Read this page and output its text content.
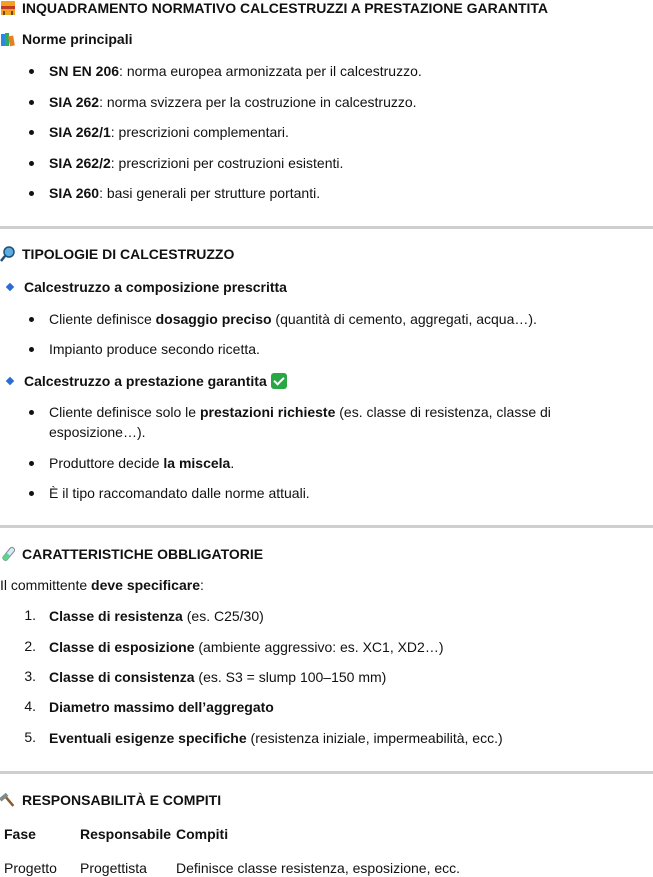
INQUADRAMENTO NORMATIVO CALCESTRUZZI A PRESTAZIONE GARANTITA
Norme principali
SN EN 206: norma europea armonizzata per il calcestruzzo.
SIA 262: norma svizzera per la costruzione in calcestruzzo.
SIA 262/1: prescrizioni complementari.
SIA 262/2: prescrizioni per costruzioni esistenti.
SIA 260: basi generali per strutture portanti.
TIPOLOGIE DI CALCESTRUZZO
Calcestruzzo a composizione prescritta
Cliente definisce dosaggio preciso (quantità di cemento, aggregati, acqua…).
Impianto produce secondo ricetta.
Calcestruzzo a prestazione garantita
Cliente definisce solo le prestazioni richieste (es. classe di resistenza, classe di
esposizione…).
Produttore decide la miscela.
È il tipo raccomandato dalle norme attuali.
CARATTERISTICHE OBBLIGATORIE
Il committente deve specificare:
1. Classe di resistenza (es. C25/30)
2. Classe di esposizione (ambiente aggressivo: es. XC1, XD2…)
3. Classe di consistenza (es. S3 = slump 100–150 mm)
4. Diametro massimo dell’aggregato
5. Eventuali esigenze specifiche (resistenza iniziale, impermeabilità, ecc.)
RESPONSABILITÀ E COMPITI
Fase	Responsabile Compiti
Progetto Progettista Definisce classe resistenza, esposizione, ecc.
